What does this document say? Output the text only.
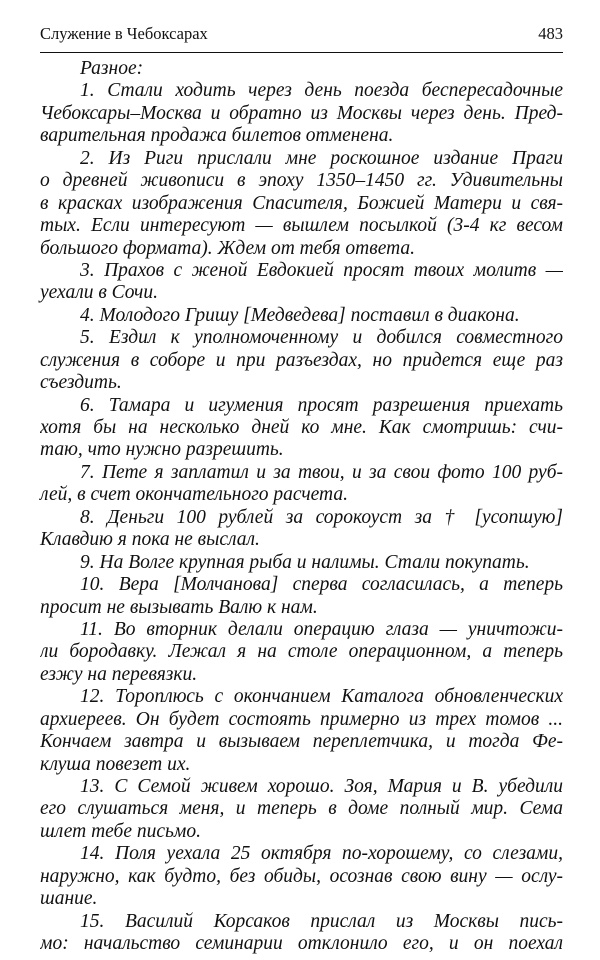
Служение в Чебоксарах	483
Разное:
1. Стали ходить через день поезда беспересадочные
Чебоксары–Москва и обратно из Москвы через день. Пред-
варительная продажа билетов отменена.
2. Из Риги прислали мне роскошное издание Праги
о древней живописи в эпоху 1350–1450 гг. Удивительны
в красках изображения Спасителя, Божией Матери и свя-
тых. Если интересуют — вышлем посылкой (3-4 кг весом
большого формата). Ждем от тебя ответа.
3. Прахов с женой Евдокией просят твоих молитв —
уехали в Сочи.
4. Молодого Гришу [Медведева] поставил в диакона.
5. Ездил к уполномоченному и добился совместного
служения в соборе и при разъездах, но придется еще раз
съездить.
6. Тамара и игумения просят разрешения приехать
хотя бы на несколько дней ко мне. Как смотришь: счи-
таю, что нужно разрешить.
7. Пете я заплатил и за твои, и за свои фото 100 руб-
лей, в счет окончательного расчета.
8. Деньги 100 рублей за сорокоуст за † [усопшую]
Клавдию я пока не выслал.
9. На Волге крупная рыба и налимы. Стали покупать.
10. Вера [Молчанова] сперва согласилась, а теперь
просит не вызывать Валю к нам.
11. Во вторник делали операцию глаза — уничтожи-
ли бородавку. Лежал я на столе операционном, а теперь
езжу на перевязки.
12. Тороплюсь с окончанием Каталога обновленческих
архиереев. Он будет состоять примерно из трех томов ...
Кончаем завтра и вызываем переплетчика, и тогда Фе-
клуша повезет их.
13. С Семой живем хорошо. Зоя, Мария и В. убедили
его слушаться меня, и теперь в доме полный мир. Сема
шлет тебе письмо.
14. Поля уехала 25 октября по-хорошему, со слезами,
наружно, как будто, без обиды, осознав свою вину — ослу-
шание.
15. Василий Корсаков прислал из Москвы пись-
мо: начальство семинарии отклонило его, и он поехал
